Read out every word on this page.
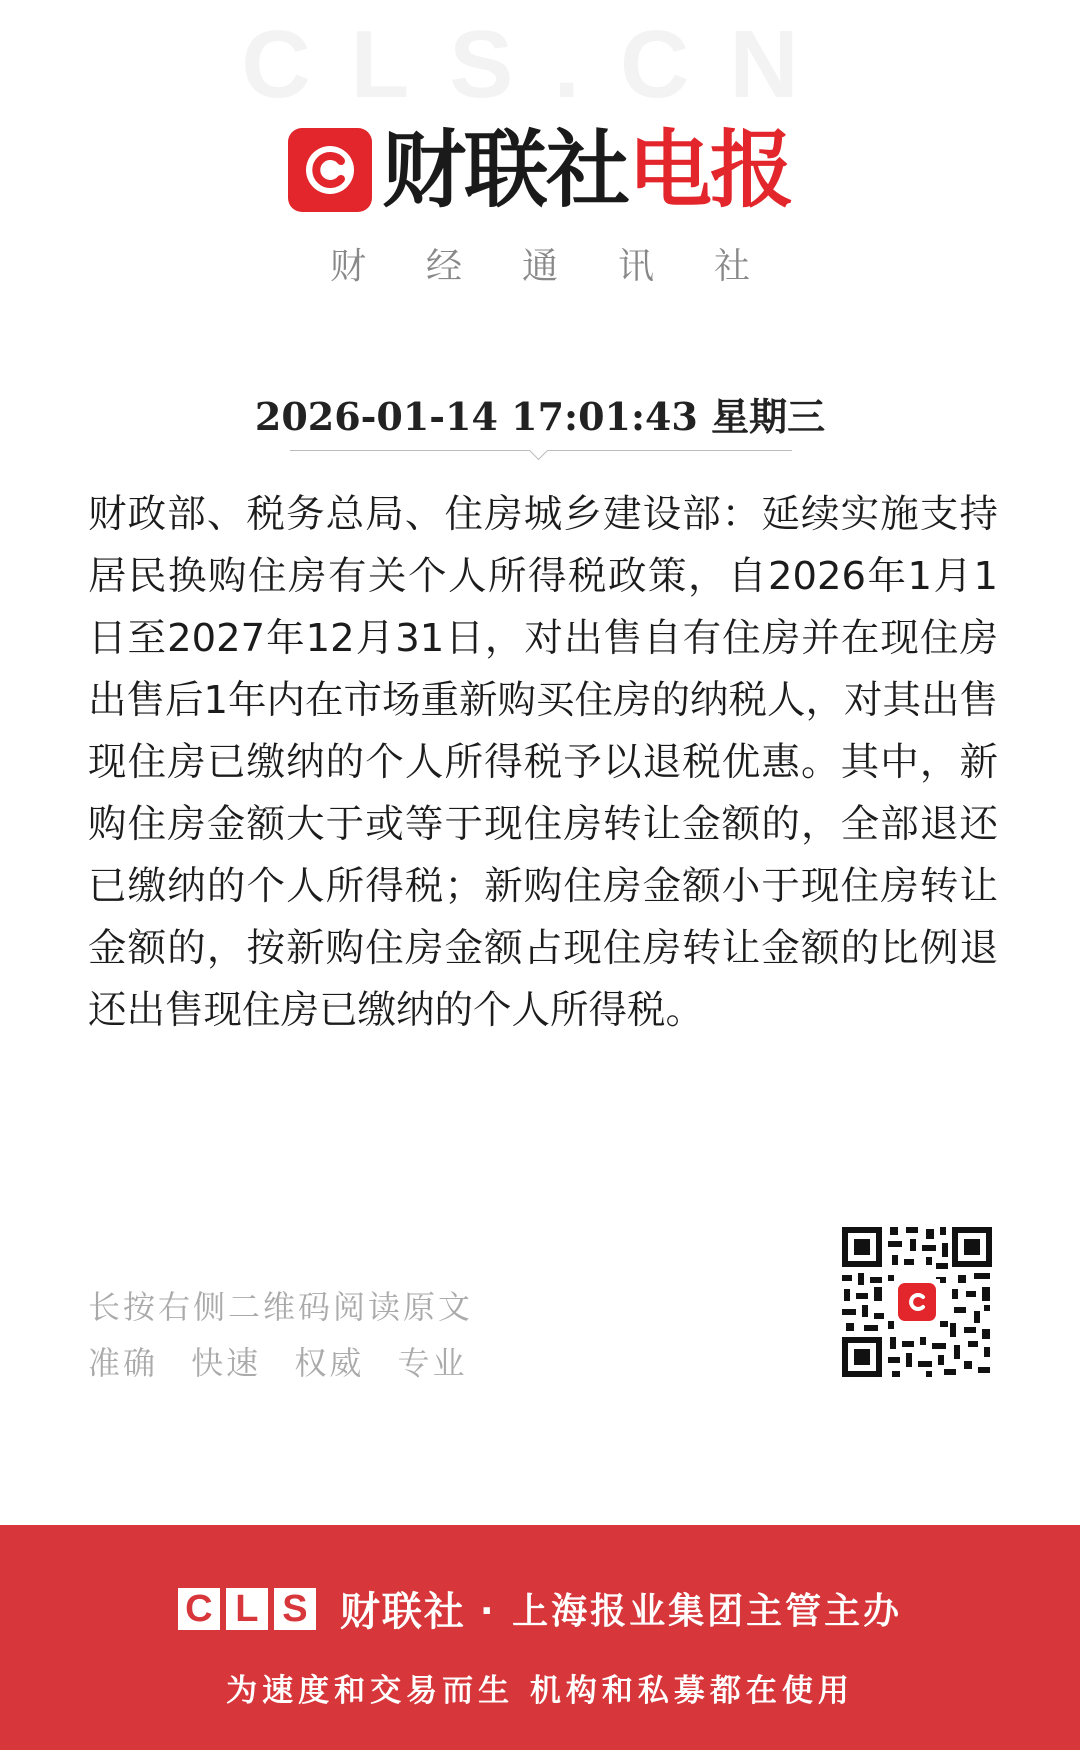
CLS.CN
财联社 电报
财经通讯社
2026-01-14 17:01:43 星期三
财政部、税务总局、住房城乡建设部：延续实施支持居民换购住房有关个人所得税政策，自2026年1月1日至2027年12月31日，对出售自有住房并在现住房出售后1年内在市场重新购买住房的纳税人，对其出售现住房已缴纳的个人所得税予以退税优惠。其中，新购住房金额大于或等于现住房转让金额的，全部退还已缴纳的个人所得税；新购住房金额小于现住房转让金额的，按新购住房金额占现住房转让金额的比例退还出售现住房已缴纳的个人所得税。
长按右侧二维码阅读原文
准确 快速 权威 专业
C L S 财联社 · 上海报业集团主管主办
为速度和交易而生 机构和私募都在使用
